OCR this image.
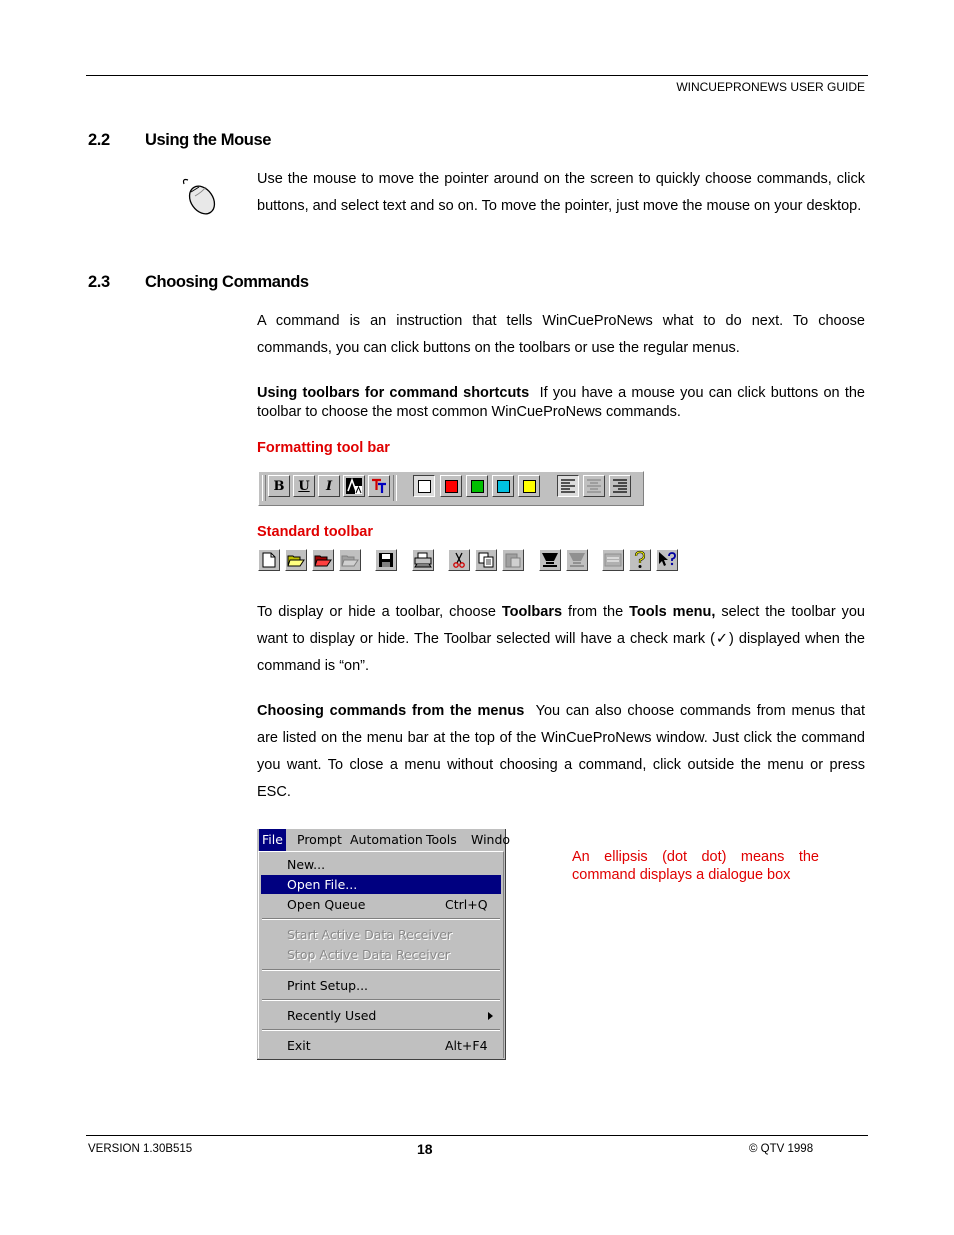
WINCUEPRONEWS USER GUIDE
2.2 Using the Mouse
Use the mouse to move the pointer around on the screen to quickly choose commands, click buttons, and select text and so on. To move the pointer, just move the mouse on your desktop.
2.3 Choosing Commands
A command is an instruction that tells WinCueProNews what to do next. To choose commands, you can click buttons on the toolbars or use the regular menus.
Using toolbars for command shortcuts If you have a mouse you can click buttons on the toolbar to choose the most common WinCueProNews commands.
Formatting tool bar
B	U	I
Standard toolbar
To display or hide a toolbar, choose Toolbars from the Tools menu, select the toolbar you want to display or hide. The Toolbar selected will have a check mark (✓) displayed when the command is “on”.
Choosing commands from the menus You can also choose commands from menus that are listed on the menu bar at the top of the WinCueProNews window. Just click the command you want. To close a menu without choosing a command, click outside the menu or press ESC.
File Prompt Automation Tools Windo
New...
Open File...
Open Queue	Ctrl+Q
Start Active Data Receiver
Stop Active Data Receiver
Print Setup...
Recently Used
Exit	Alt+F4
An ellipsis (dot dot) means the command displays a dialogue box
VERSION 1.30B515	18	© QTV 1998
